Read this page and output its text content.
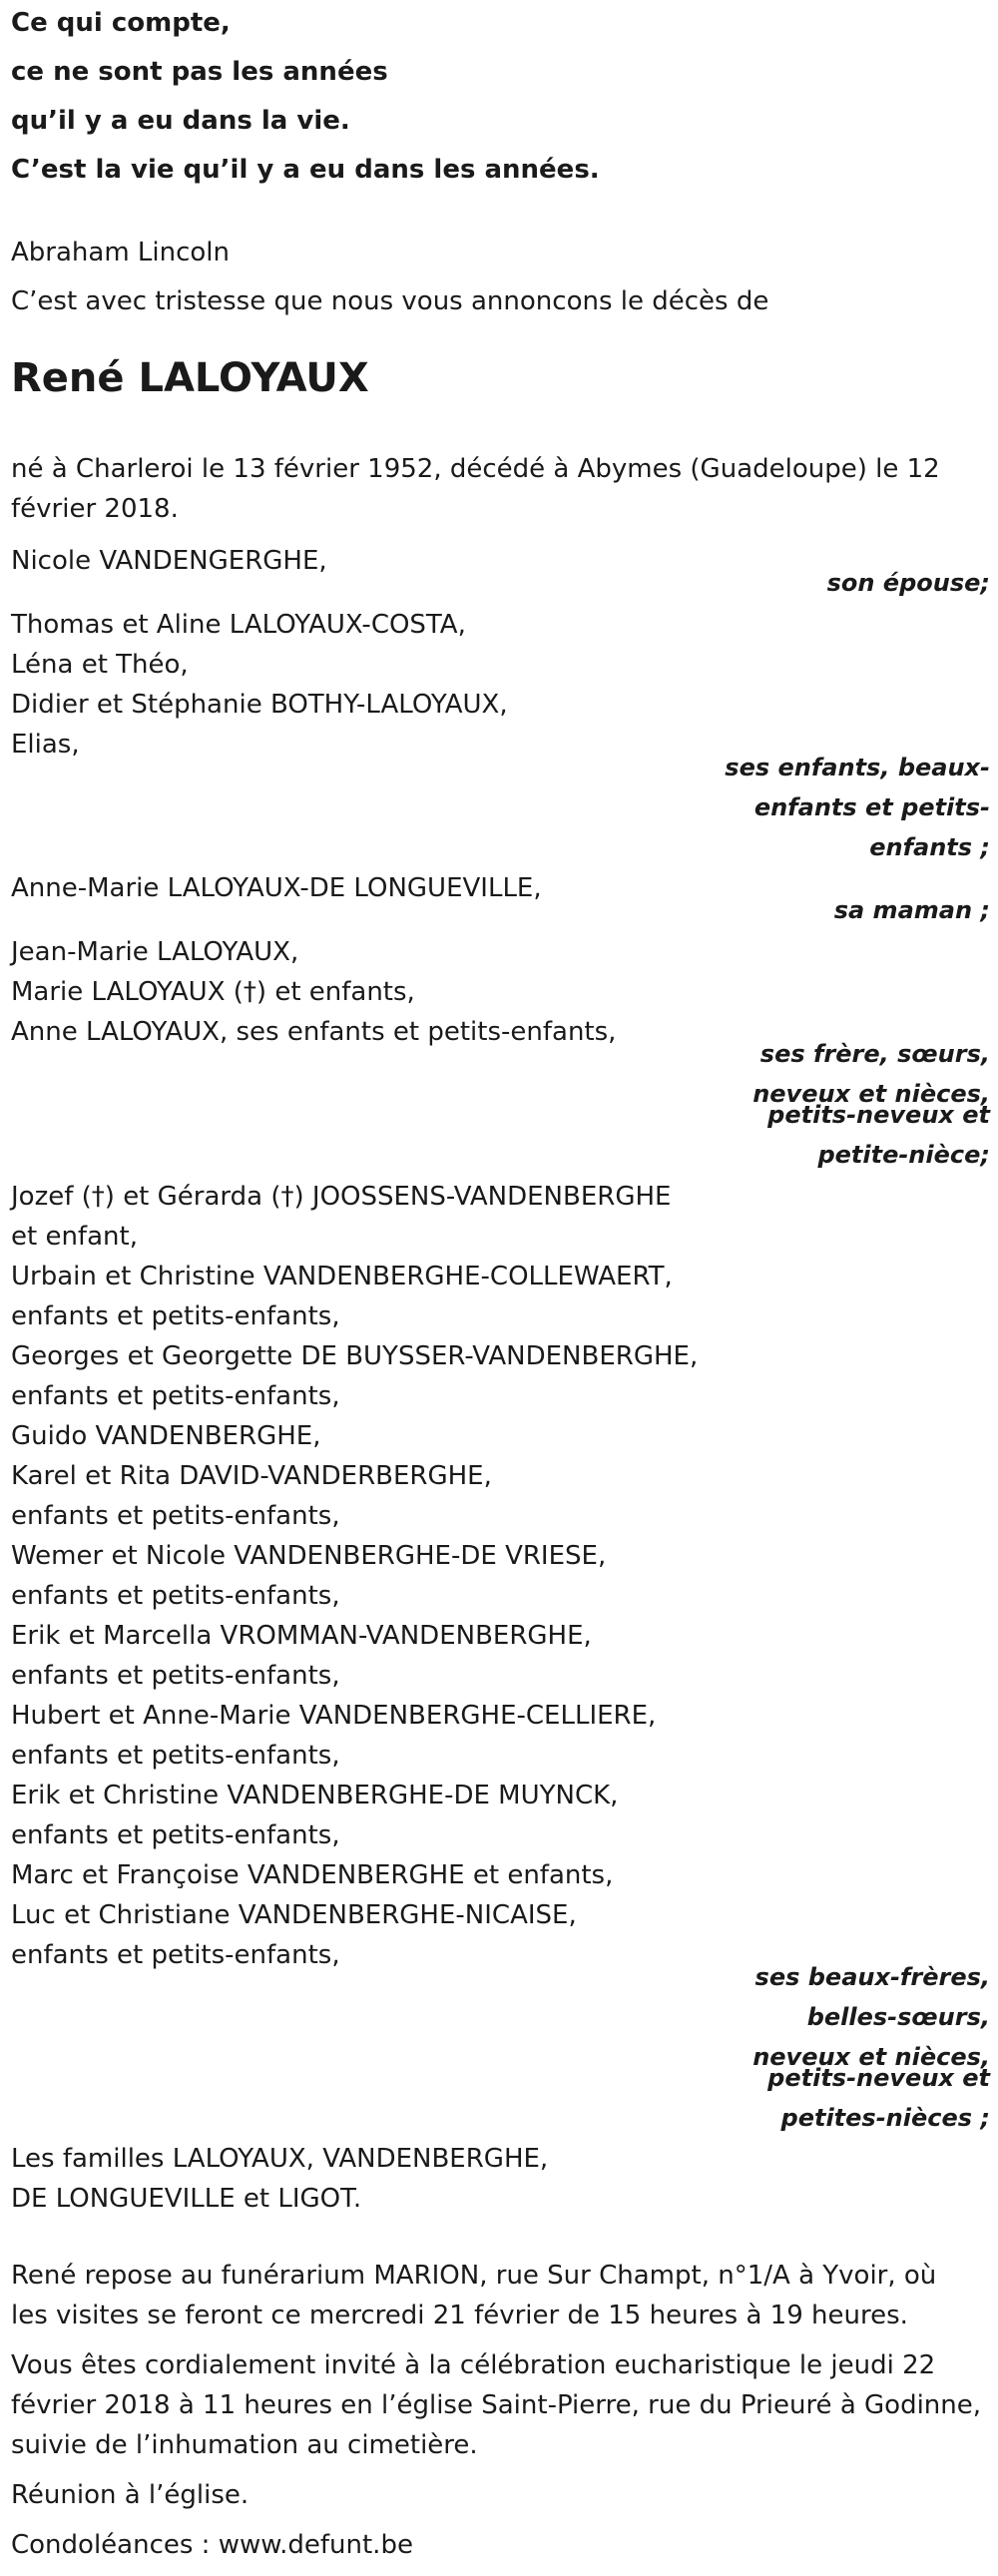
Ce qui compte,
ce ne sont pas les années
qu’il y a eu dans la vie.
C’est la vie qu’il y a eu dans les années.
Abraham Lincoln
C’est avec tristesse que nous vous annoncons le décès de
René LALOYAUX
né à Charleroi le 13 février 1952, décédé à Abymes (Guadeloupe) le 12
février 2018.
Nicole VANDENGERGHE,
son épouse;
Thomas et Aline LALOYAUX-COSTA,
Léna et Théo,
Didier et Stéphanie BOTHY-LALOYAUX,
Elias,
ses enfants, beaux-
enfants et petits-
enfants ;
Anne-Marie LALOYAUX-DE LONGUEVILLE,
sa maman ;
Jean-Marie LALOYAUX,
Marie LALOYAUX (†) et enfants,
Anne LALOYAUX, ses enfants et petits-enfants,
ses frère, sœurs,
neveux et nièces,
petits-neveux et
petite-nièce;
Jozef (†) et Gérarda (†) JOOSSENS-VANDENBERGHE
et enfant,
Urbain et Christine VANDENBERGHE-COLLEWAERT,
enfants et petits-enfants,
Georges et Georgette DE BUYSSER-VANDENBERGHE,
enfants et petits-enfants,
Guido VANDENBERGHE,
Karel et Rita DAVID-VANDERBERGHE,
enfants et petits-enfants,
Wemer et Nicole VANDENBERGHE-DE VRIESE,
enfants et petits-enfants,
Erik et Marcella VROMMAN-VANDENBERGHE,
enfants et petits-enfants,
Hubert et Anne-Marie VANDENBERGHE-CELLIERE,
enfants et petits-enfants,
Erik et Christine VANDENBERGHE-DE MUYNCK,
enfants et petits-enfants,
Marc et Françoise VANDENBERGHE et enfants,
Luc et Christiane VANDENBERGHE-NICAISE,
enfants et petits-enfants,
ses beaux-frères,
belles-sœurs,
neveux et nièces,
petits-neveux et
petites-nièces ;
Les familles LALOYAUX, VANDENBERGHE,
DE LONGUEVILLE et LIGOT.
René repose au funérarium MARION, rue Sur Champt, n°1/A à Yvoir, où
les visites se feront ce mercredi 21 février de 15 heures à 19 heures.
Vous êtes cordialement invité à la célébration eucharistique le jeudi 22
février 2018 à 11 heures en l’église Saint-Pierre, rue du Prieuré à Godinne,
suivie de l’inhumation au cimetière.
Réunion à l’église.
Condoléances : www.defunt.be
